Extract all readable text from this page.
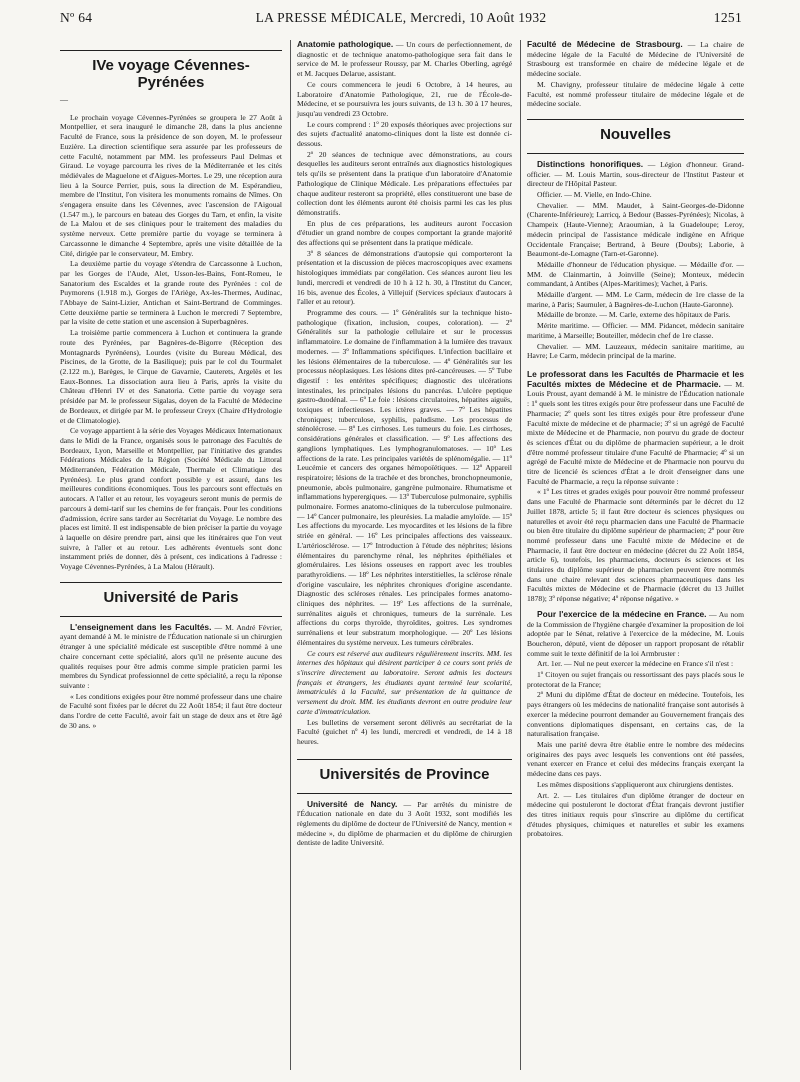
Nº 64	LA PRESSE MÉDICALE, Mercredi, 10 Août 1932	1251
IVe voyage Cévennes-Pyrénées
—

Le prochain voyage Cévennes-Pyrénées se groupera le 27 Août à Montpellier, et sera inauguré le dimanche 28, dans la plus ancienne Faculté de France, sous la présidence de son doyen, M. le professeur Euzière. La direction scientifique sera assurée par les professeurs de cette Faculté, notamment par MM. les professeurs Paul Delmas et Giraud. Le voyage parcourra les rives de la Méditerranée et les cités médiévales de Maguelone et d'Aigues-Mortes. Le 29, une réception aura lieu à la Source Perrier, puis, sous la direction de M. Espérandieu, membre de l'Institut, l'on visitera les monuments romains de Nîmes. On s'engagera ensuite dans les Cévennes, avec l'ascension de l'Aigoual (1.547 m.), le parcours en bateau des Gorges du Tarn, et enfin, la visite de La Malou et de ses cliniques pour le traitement des maladies du système nerveux. Cette première partie du voyage se terminera à Carcassonne le dimanche 4 Septembre, après une visite détaillée de la Cité, dirigée par le conservateur, M. Embry.

La deuxième partie du voyage s'étendra de Carcassonne à Luchon, par les Gorges de l'Aude, Alet, Usson-les-Bains, Font-Romeu, le Sanatorium des Escaldes et la grande route des Pyrénées : col de Puymorens (1.918 m.), Gorges de l'Ariège, Ax-les-Thermes, Audinac, l'Abbaye de Saint-Lizier, Antichan et Saint-Bertrand de Comminges. Cette deuxième partie se terminera à Luchon le mercredi 7 Septembre, par la visite de cette station et une ascension à Superbagnères.

La troisième partie commencera à Luchon et continuera la grande route des Pyrénées, par Bagnères-de-Bigorre (Réception des Montagnards Pyrénéens), Lourdes (visite du Bureau Médical, des Piscines, de la Grotte, de la Basilique); puis par le col du Tourmalet (2.122 m.), Barèges, le Cirque de Gavarnie, Cauterets, Argelès et les Eaux-Bonnes. La dissociation aura lieu à Paris, après la visite du Château d'Henri IV et des Sanatoria. Cette partie du voyage sera présidée par M. le professeur Sigalas, doyen de la Faculté de Médecine de Bordeaux, et dirigée par M. le professeur Creyx (Chaire d'Hydrologie et de Climatologie).

Ce voyage appartient à la série des Voyages Médicaux Internationaux dans le Midi de la France, organisés sous le patronage des Facultés de Bordeaux, Lyon, Marseille et Montpellier, par l'initiative des grandes Fédérations Médicales de la Région (Société Médicale du Littoral Méditerranéen, Fédération Médicale, Thermale et Climatique des Pyrénées). Le plus grand confort possible y est assuré, dans les meilleures conditions économiques. Tous les parcours sont effectués en autocars. A l'aller et au retour, les voyageurs seront munis de permis de parcours à demi-tarif sur les chemins de fer français. Pour les conditions d'admission, écrire sans tarder au Secrétariat du Voyage. Le nombre des places est limité. Il est indispensable de bien préciser la partie du voyage à laquelle on désire prendre part, ainsi que les itinéraires que l'on veut suivre, à l'aller et au retour. Les adhérents éventuels sont donc instamment priés de donner, dès à présent, ces indications à l'adresse : Voyage Cévennes-Pyrénées, à La Malou (Hérault).

Université de Paris

L'enseignement dans les Facultés. — M. André Février, ayant demandé à M. le ministre de l'Éducation nationale si un chirurgien étranger à une spécialité médicale est susceptible d'être nommé à une chaire concernant cette spécialité, alors qu'il ne présente aucune des qualités requises pour être admis comme simple praticien parmi les membres du Syndicat professionnel de cette spécialité, a reçu la réponse suivante :

« Les conditions exigées pour être nommé professeur dans une chaire de Faculté sont fixées par le décret du 22 Août 1854; il faut être docteur dans l'ordre de cette Faculté, avoir fait un stage de deux ans et être âgé de 30 ans. »

Anatomie pathologique. — Un cours de perfectionnement, de diagnostic et de technique anatomo-pathologique sera fait dans le service de M. le professeur Roussy, par M. Charles Oberling, agrégé et M. Jacques Delarue, assistant.

Ce cours commencera le jeudi 6 Octobre, à 14 heures, au Laboratoire d'Anatomie Pathologique, 21, rue de l'École-de-Médecine, et se poursuivra les jours suivants, de 13 h. 30 à 17 heures, jusqu'au vendredi 23 Octobre.

Le cours comprend : 1º 20 exposés théoriques avec projections sur des sujets d'actualité anatomo-cliniques dont la liste est donnée ci-dessous.

2º 20 séances de technique avec démonstrations, au cours desquelles les auditeurs seront entraînés aux diagnostics histologiques tels qu'ils se présentent dans la pratique d'un laboratoire d'Anatomie Pathologique de Clinique Médicale. Les préparations effectuées par chaque auditeur resteront sa propriété, elles constitueront une base de collection dont les éléments auront été choisis parmi les cas les plus démonstratifs.

En plus de ces préparations, les auditeurs auront l'occasion d'étudier un grand nombre de coupes comportant la grande majorité des affections qui se présentent dans la pratique médicale.

3º 8 séances de démonstrations d'autopsie qui comporteront la présentation et la discussion de pièces macroscopiques avec examens histologiques immédiats par congélation. Ces séances auront lieu les lundi, mercredi et vendredi de 10 h à 12 h. 30, à l'Institut du Cancer, 16 bis, avenue des Écoles, à Villejuif (Services spéciaux d'autocars à l'aller et au retour).

Programme des cours. — 1º Généralités sur la technique histo-pathologique (fixation, inclusion, coupes, coloration). — 2º Généralités sur la pathologie cellulaire et sur le processus inflammatoire. Le domaine de l'inflammation à la lumière des travaux modernes. — 3º Inflammations spécifiques. L'infection bacillaire et les lésions élémentaires de la tuberculose. — 4º Généralités sur les processus néoplasiques. Les lésions dites pré-cancéreuses. — 5º Tube digestif : les entérites spécifiques; diagnostic des ulcérations intestinales, les principales lésions du pancréas. L'ulcère peptique gastro-duodénal. — 6º Le foie : lésions circulatoires, hépatites aiguës, toxiques et infectieuses. Les ictères graves. — 7º Les hépatites chroniques; tuberculose, syphilis, paludisme. Les processus de sténolécrose. — 8º Les cirrhoses. Les tumeurs du foie. Les cirrhoses, considérations générales et classification. — 9º Les affections des ganglions lymphatiques. Les lymphogranulomatoses. — 10º Les affections de la rate. Les principales variétés de splénomégalie. — 11º Leucémie et cancers des organes hémopoïétiques. — 12º Appareil respiratoire; lésions de la trachée et des bronches, bronchopneumonie, pneumonie, abcès pulmonaire, gangrène pulmonaire. Rhumatisme et inflammations hyperergiques. — 13º Tuberculose pulmonaire, syphilis pulmonaire. Formes anatomo-cliniques de la tuberculose pulmonaire. — 14º Cancer pulmonaire, les pleurésies. La maladie amyloïde. — 15º Les affections du myocarde. Les myocardites et les lésions de la fibre striée en général. — 16º Les principales affections des vaisseaux. L'artériosclérose. — 17º Introduction à l'étude des néphrites; lésions élémentaires du parenchyme rénal, les néphrites épithéliales et glomérulaires. Les lésions osseuses en rapport avec les troubles parathyroïdiens. — 18º Les néphrites interstitielles, la sclérose rénale d'origine vasculaire, les néphrites chroniques d'origine ascendante. Diagnostic des scléroses rénales. Les principales formes anatomo-cliniques des néphrites. — 19º Les affections de la surrénale, surrénalites aiguës et chroniques, tumeurs de la surrénale. Les affections du corps thyroïde, thyroïdites, goitres. Les syndromes surrénaliens et leur substratum morphologique. — 20º Les lésions élémentaires du système nerveux. Les tumeurs cérébrales.

Ce cours est réservé aux auditeurs régulièrement inscrits. MM. les internes des hôpitaux qui désirent participer à ce cours sont priés de s'inscrire directement au laboratoire. Seront admis les docteurs français et étrangers, les étudiants ayant terminé leur scolarité, immatriculés à la Faculté, sur présentation de la quittance de versement du droit. MM. les étudiants devront en outre produire leur carte d'immatriculation.

Les bulletins de versement seront délivrés au secrétariat de la Faculté (guichet nº 4) les lundi, mercredi et vendredi, de 14 à 18 heures.

Universités de Province

Université de Nancy. — Par arrêtés du ministre de l'Éducation nationale en date du 3 Août 1932, sont modifiés les règlements du diplôme de docteur de l'Université de Nancy, mention « médecine », du diplôme de pharmacien et du diplôme de chirurgien dentiste de ladite Université.

Faculté de Médecine de Strasbourg. — La chaire de médecine légale de la Faculté de Médecine de l'Université de Strasbourg est transformée en chaire de médecine légale et de médecine sociale.

M. Chavigny, professeur titulaire de médecine légale à cette Faculté, est nommé professeur titulaire de médecine légale et de médecine sociale.

Nouvelles

Distinctions honorifiques. — Légion d'honneur. Grand-officier. — M. Louis Martin, sous-directeur de l'Institut Pasteur et directeur de l'Hôpital Pasteur.

Officier. — M. Vielle, en Indo-Chine.

Chevalier. — MM. Maudet, à Saint-Georges-de-Didonne (Charente-Inférieure); Larricq, à Bedour (Basses-Pyrénées); Nicolas, à Champeix (Haute-Vienne); Araoumian, à la Guadeloupe; Leroy, médecin principal de l'assistance médicale indigène en Afrique Occidentale Française; Bertrand, à Beure (Doubs); Laborie, à Beaumont-de-Lomagne (Tarn-et-Garonne).

Médaille d'honneur de l'éducation physique. — Médaille d'or. — MM. de Clainmartin, à Joinville (Seine); Monteux, médecin commandant, à Antibes (Alpes-Maritimes); Vachet, à Paris.

Médaille d'argent. — MM. Le Carm, médecin de 1re classe de la marine, à Paris; Saumuler, à Bagnères-de-Luchon (Haute-Garonne).

Médaille de bronze. — M. Carle, externe des hôpitaux de Paris.

Mérite maritime. — Officier. — MM. Pidancet, médecin sanitaire maritime, à Marseille; Bouteiller, médecin chef de 1re classe.

Chevalier. — MM. Lauzeaux, médecin sanitaire maritime, au Havre; Le Carm, médecin principal de la marine.

Le professorat dans les Facultés de Pharmacie et les Facultés mixtes de Médecine et de Pharmacie. — M. Louis Proust, ayant demandé à M. le ministre de l'Éducation nationale : 1º quels sont les titres exigés pour être professeur dans une Faculté de Pharmacie; 2º quels sont les titres exigés pour être professeur d'une Faculté mixte de médecine et de pharmacie; 3º si un agrégé de Faculté mixte de Médecine et de Pharmacie, non pourvu du grade de docteur ès sciences d'État ou du diplôme de pharmacien supérieur, a le droit d'être nommé professeur titulaire d'une Faculté de Pharmacie; 4º si un agrégé de Faculté mixte de Médecine et de Pharmacie non pourvu du titre de licencié ès sciences d'État a le droit d'enseigner dans une Faculté de Pharmacie, a reçu la réponse suivante :

« 1º Les titres et grades exigés pour pouvoir être nommé professeur dans une Faculté de Pharmacie sont déterminés par le décret du 12 Juillet 1878, article 5; il faut être docteur ès sciences physiques ou naturelles et avoir été reçu pharmacien dans une Faculté de Pharmacie ou bien être titulaire du diplôme supérieur de pharmacien; 2º pour être nommé professeur dans une Faculté mixte de Médecine et de Pharmacie, il faut être docteur en médecine (décret du 22 Août 1854, article 6), toutefois, les pharmaciens, docteurs ès sciences et les titulaires du diplôme supérieur de pharmacien peuvent être nommés dans une chaire relevant des sciences pharmaceutiques dans les Facultés mixtes de Médecine et de Pharmacie (décret du 13 Juillet 1878); 3º réponse négative; 4º réponse négative. »

Pour l'exercice de la médecine en France. — Au nom de la Commission de l'hygiène chargée d'examiner la proposition de loi adoptée par le Sénat, relative à l'exercice de la médecine, M. Louis Boucheron, député, vient de déposer un rapport proposant de rétablir comme suit le texte définitif de la loi Armbruster :

Art. 1er. — Nul ne peut exercer la médecine en France s'il n'est :

1º Citoyen ou sujet français ou ressortissant des pays placés sous le protectorat de la France;

2º Muni du diplôme d'État de docteur en médecine. Toutefois, les pays étrangers où les médecins de nationalité française sont autorisés à exercer la médecine pourront demander au Gouvernement français des conventions diplomatiques dispensant, en certains cas, de la naturalisation française.

Mais une parité devra être établie entre le nombre des médecins originaires des pays avec lesquels les conventions ont été passées, venant exercer en France et celui des médecins français exerçant la médecine dans ces pays.

Les mêmes dispositions s'appliqueront aux chirurgiens dentistes.

Art. 2. — Les titulaires d'un diplôme étranger de docteur en médecine qui postuleront le doctorat d'État français devront justifier des titres initiaux requis pour s'inscrire au diplôme du certificat d'études physiques, chimiques et naturelles et subir les examens probatoires.
